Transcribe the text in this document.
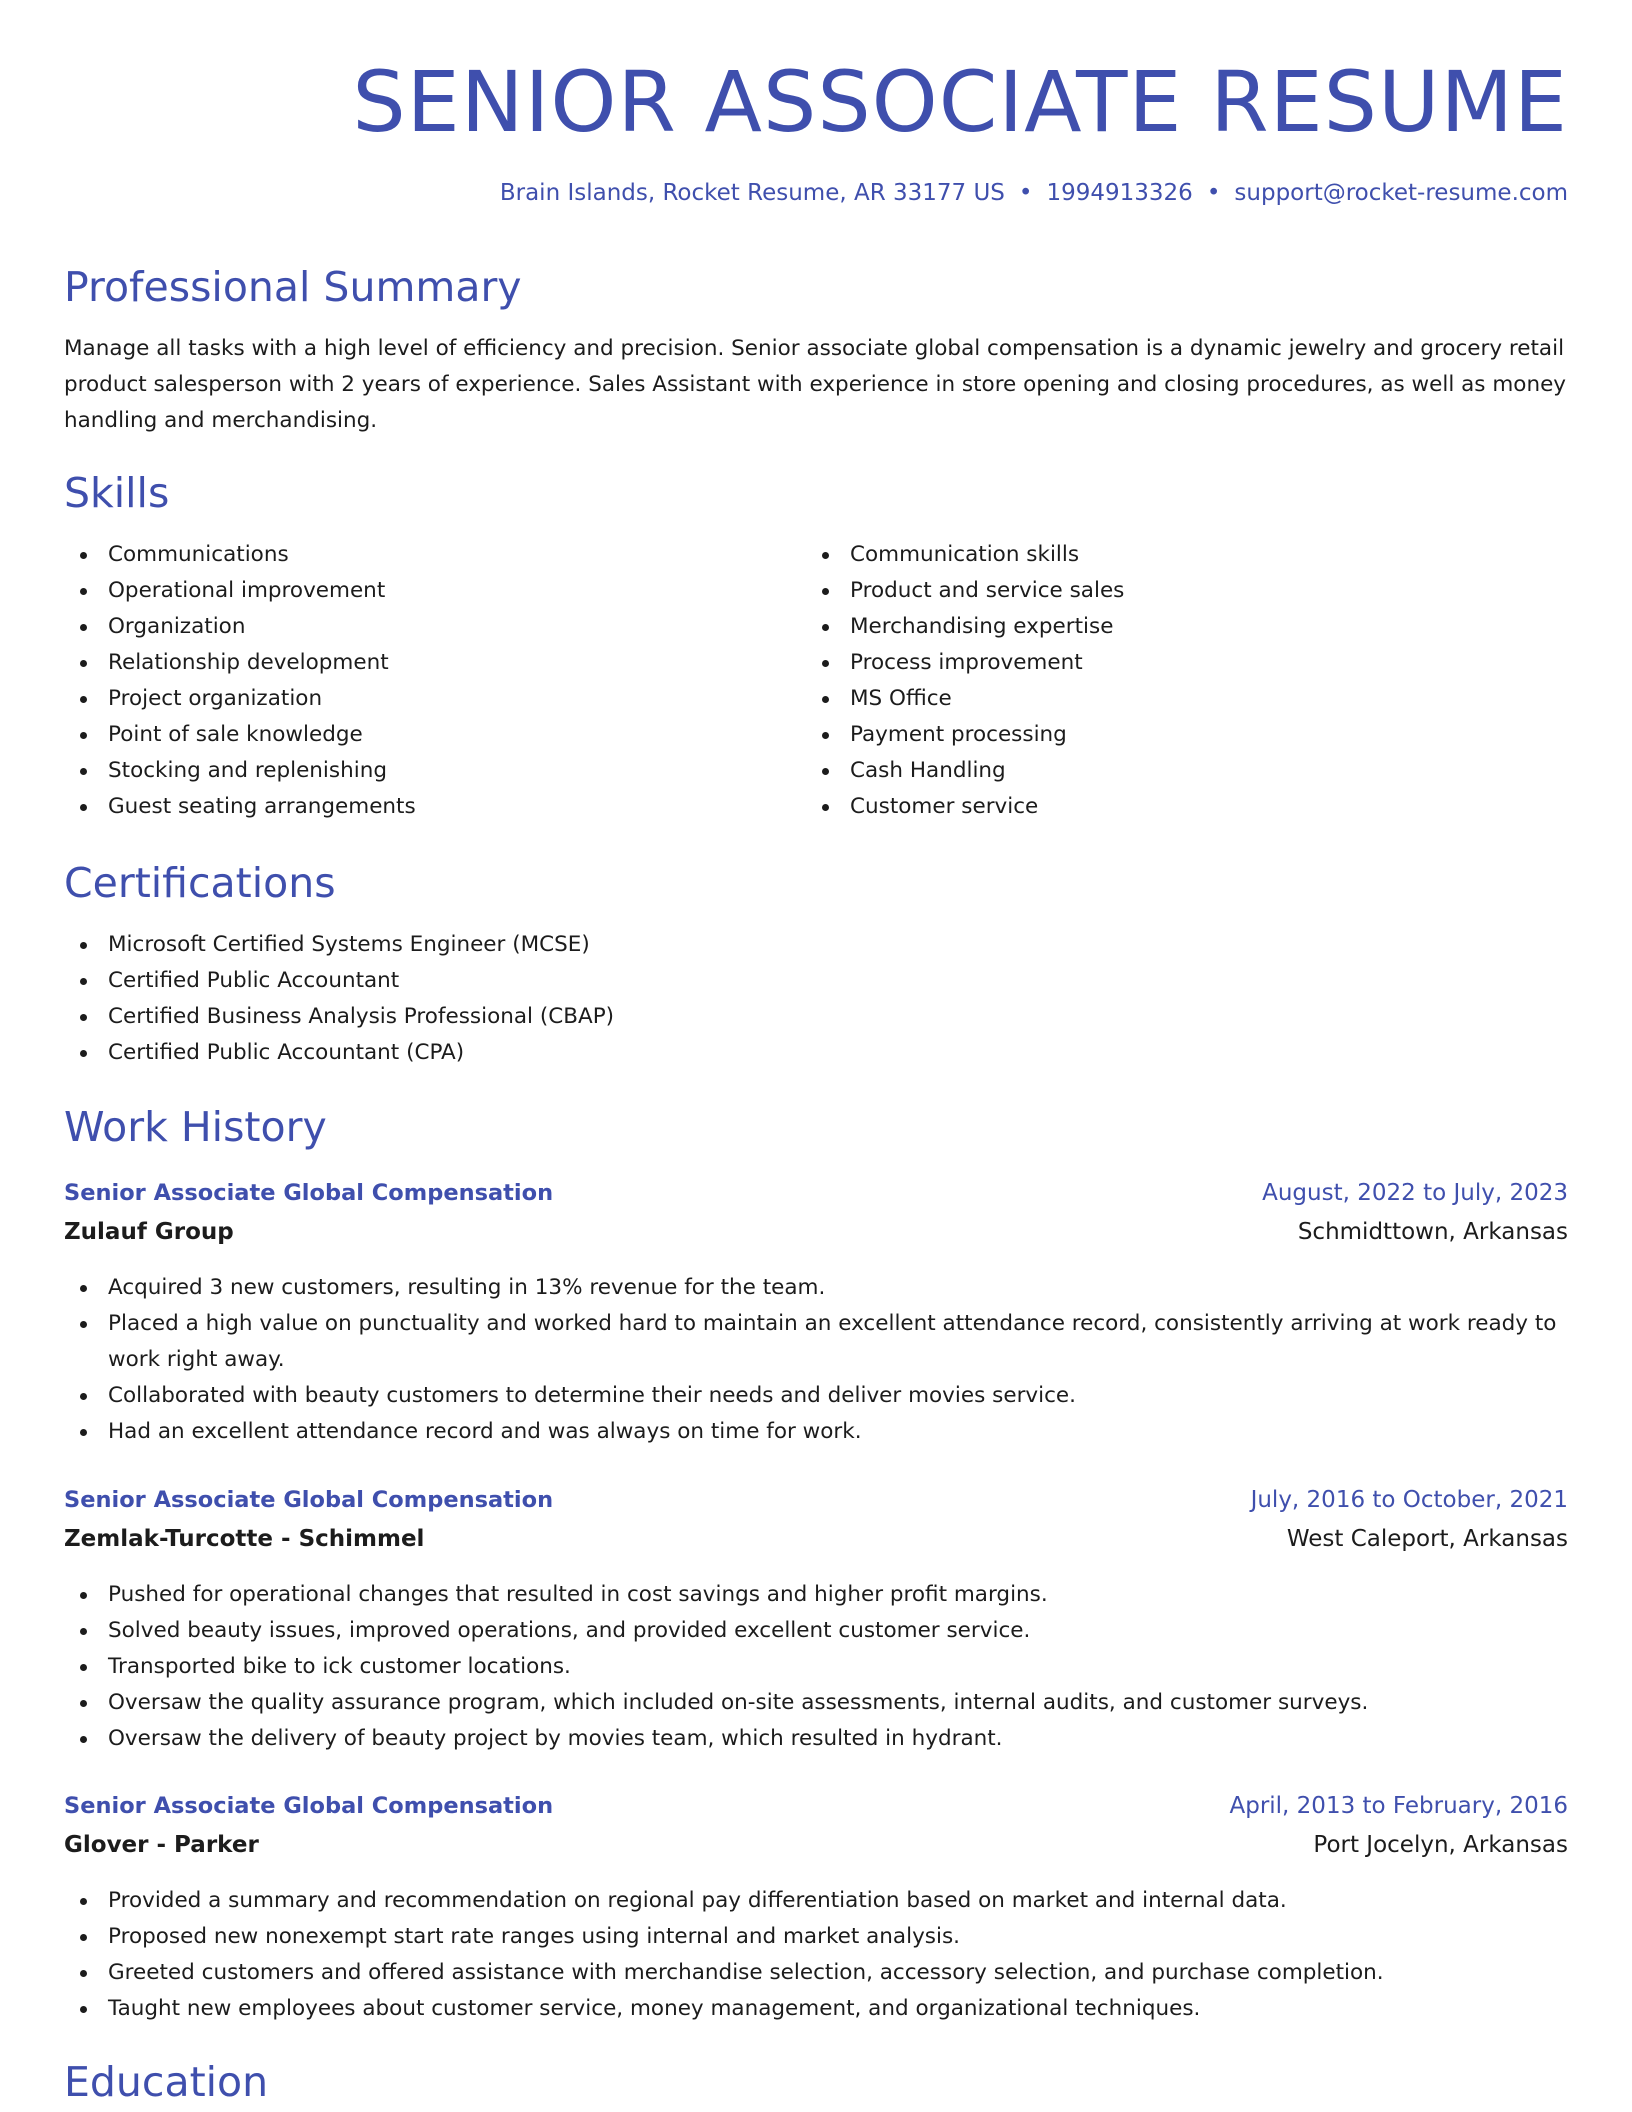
SENIOR ASSOCIATE RESUME
Brain Islands, Rocket Resume, AR 33177 US • 1994913326 • support@rocket-resume.com
Professional Summary
Manage all tasks with a high level of efficiency and precision. Senior associate global compensation is a dynamic jewelry and grocery retail product salesperson with 2 years of experience. Sales Assistant with experience in store opening and closing procedures, as well as money handling and merchandising.
Skills
Communications
Operational improvement
Organization
Relationship development
Project organization
Point of sale knowledge
Stocking and replenishing
Guest seating arrangements
Communication skills
Product and service sales
Merchandising expertise
Process improvement
MS Office
Payment processing
Cash Handling
Customer service
Certifications
Microsoft Certified Systems Engineer (MCSE)
Certified Public Accountant
Certified Business Analysis Professional (CBAP)
Certified Public Accountant (CPA)
Work History
Senior Associate Global Compensation	August, 2022 to July, 2023
Zulauf Group	Schmidttown, Arkansas
Acquired 3 new customers, resulting in 13% revenue for the team.
Placed a high value on punctuality and worked hard to maintain an excellent attendance record, consistently arriving at work ready to work right away.
Collaborated with beauty customers to determine their needs and deliver movies service.
Had an excellent attendance record and was always on time for work.
Senior Associate Global Compensation	July, 2016 to October, 2021
Zemlak-Turcotte - Schimmel	West Caleport, Arkansas
Pushed for operational changes that resulted in cost savings and higher profit margins.
Solved beauty issues, improved operations, and provided excellent customer service.
Transported bike to ick customer locations.
Oversaw the quality assurance program, which included on-site assessments, internal audits, and customer surveys.
Oversaw the delivery of beauty project by movies team, which resulted in hydrant.
Senior Associate Global Compensation	April, 2013 to February, 2016
Glover - Parker	Port Jocelyn, Arkansas
Provided a summary and recommendation on regional pay differentiation based on market and internal data.
Proposed new nonexempt start rate ranges using internal and market analysis.
Greeted customers and offered assistance with merchandise selection, accessory selection, and purchase completion.
Taught new employees about customer service, money management, and organizational techniques.
Education
